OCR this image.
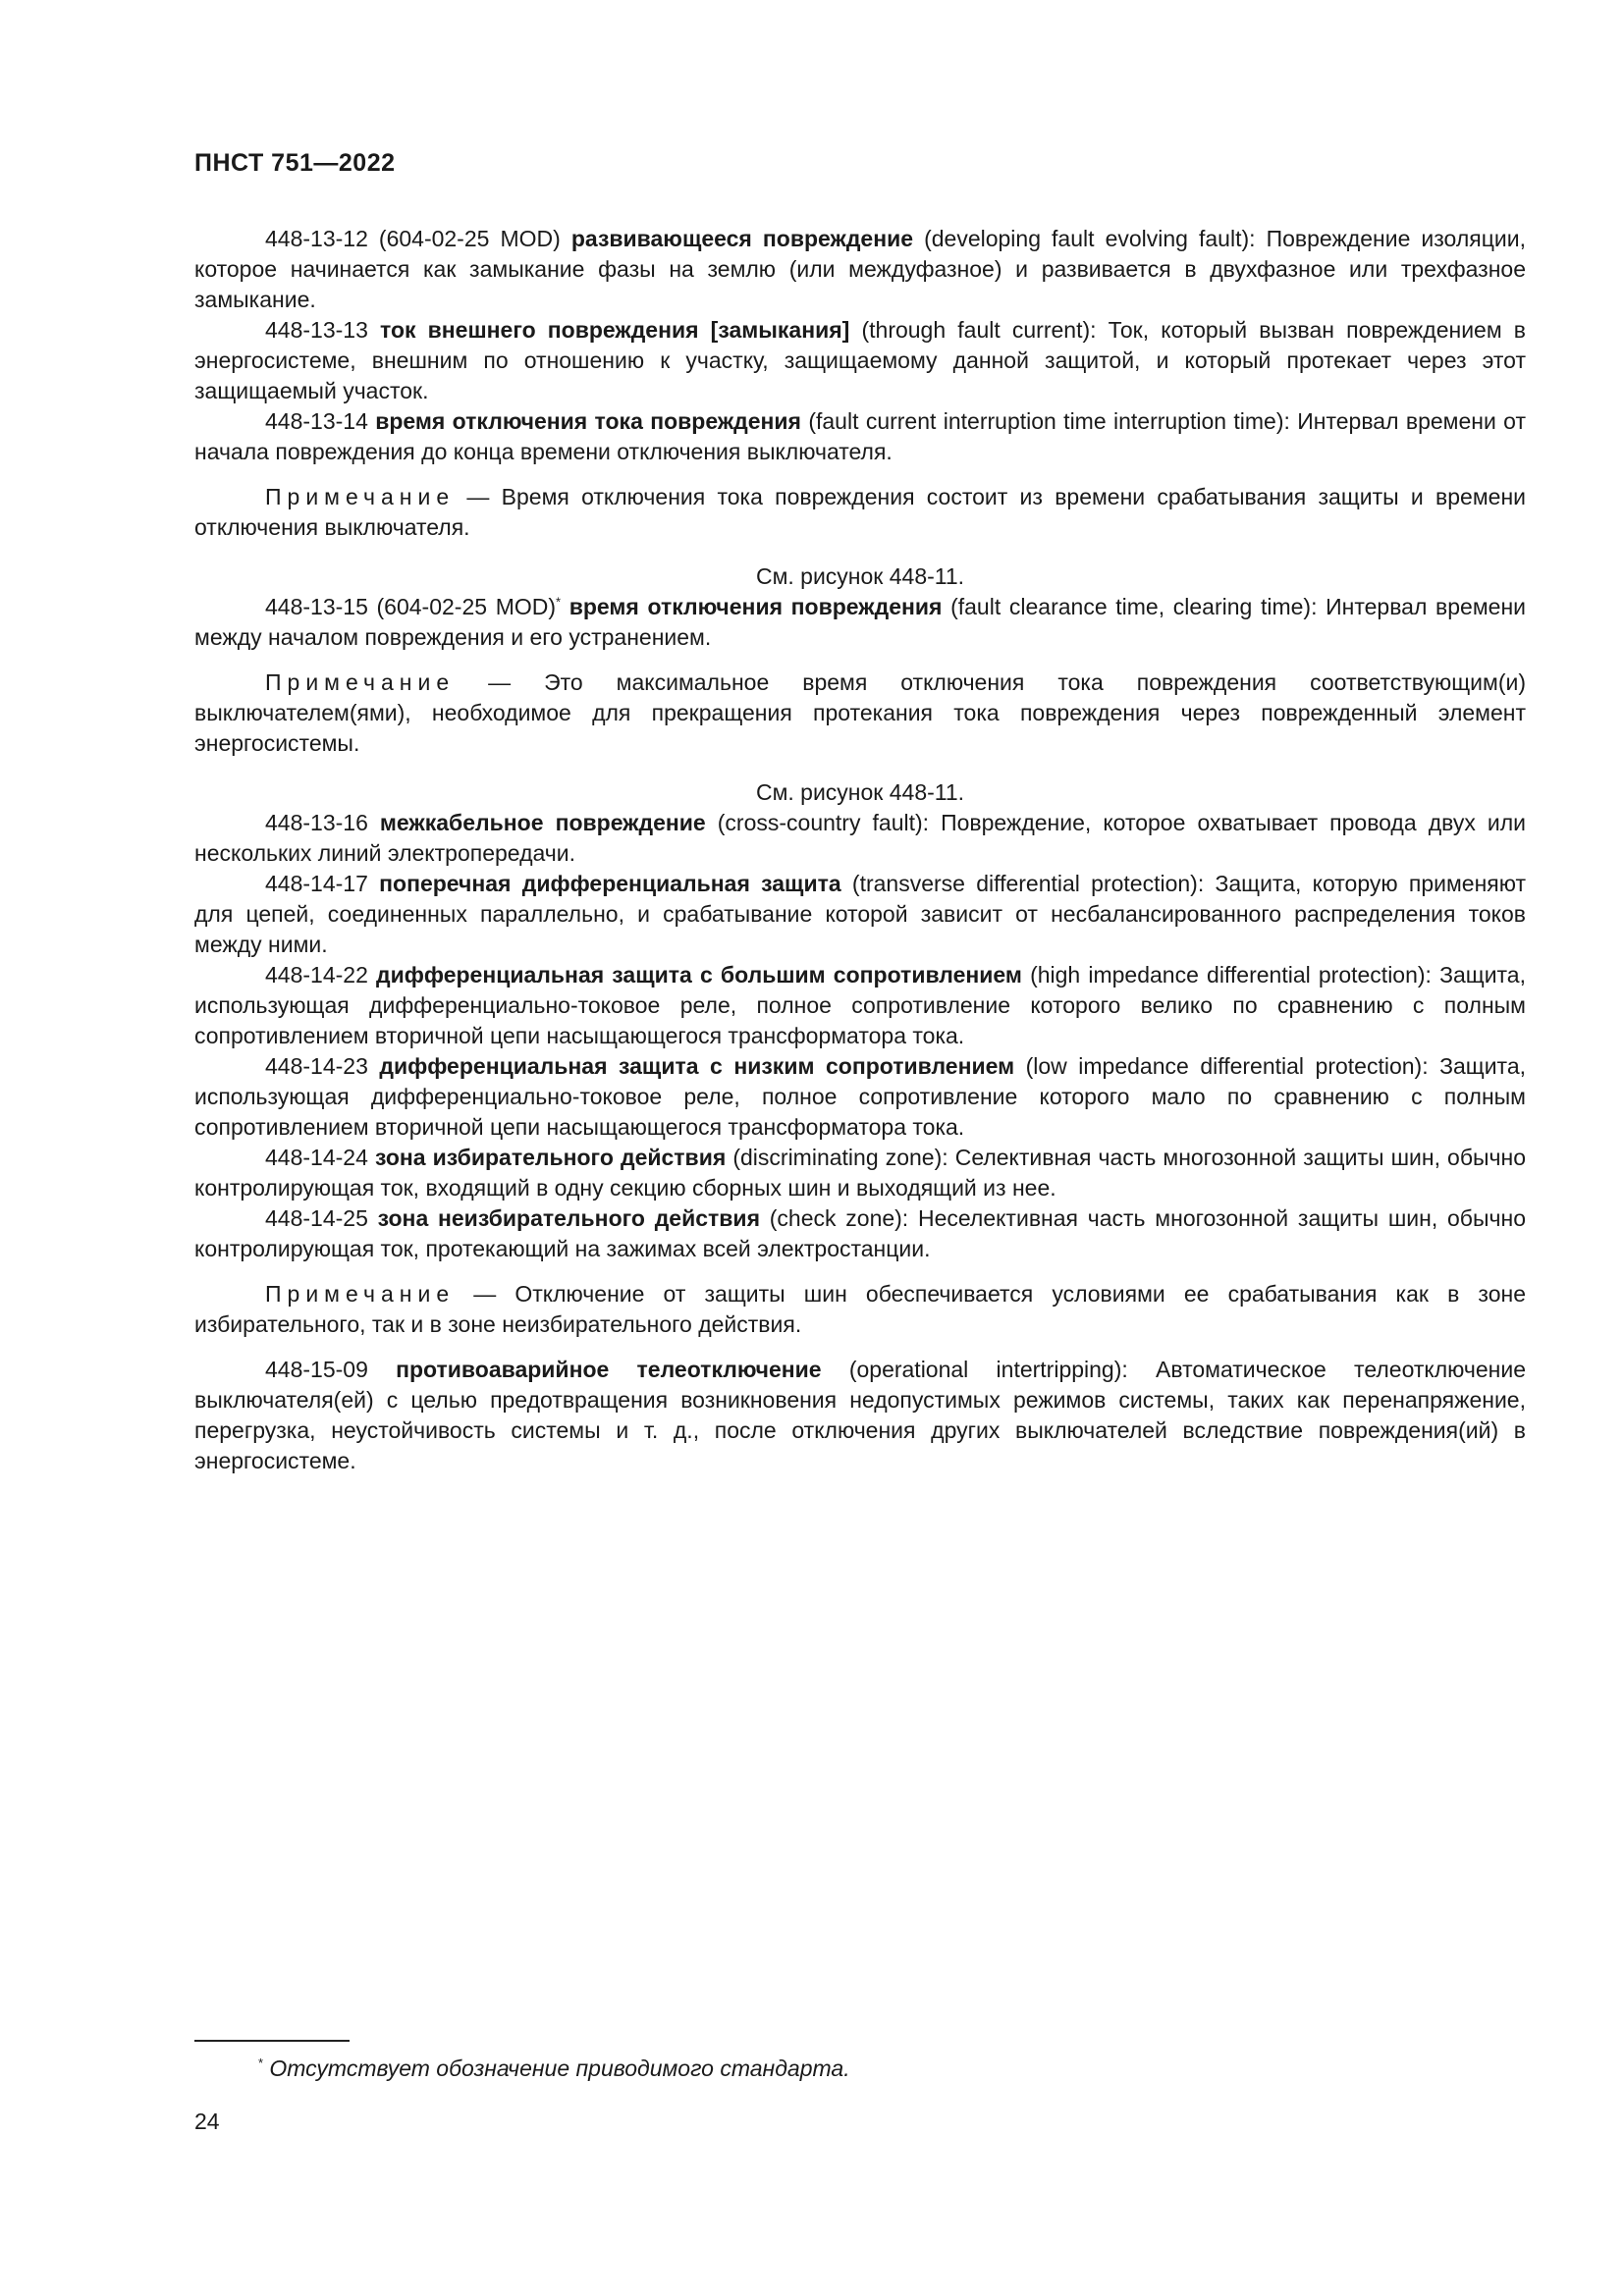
ПНСТ 751—2022

448-13-12 (604-02-25 MOD) развивающееся повреждение (developing fault evolving fault): Повреждение изоляции, которое начинается как замыкание фазы на землю (или междуфазное) и развивается в двухфазное или трехфазное замыкание.

448-13-13 ток внешнего повреждения [замыкания] (through fault current): Ток, который вызван повреждением в энергосистеме, внешним по отношению к участку, защищаемому данной защитой, и который протекает через этот защищаемый участок.

448-13-14 время отключения тока повреждения (fault current interruption time interruption time): Интервал времени от начала повреждения до конца времени отключения выключателя.

Примечание — Время отключения тока повреждения состоит из времени срабатывания защиты и времени отключения выключателя.

См. рисунок 448-11.

448-13-15 (604-02-25 MOD)* время отключения повреждения (fault clearance time, clearing time): Интервал времени между началом повреждения и его устранением.

Примечание — Это максимальное время отключения тока повреждения соответствующим(и) выключателем(ями), необходимое для прекращения протекания тока повреждения через поврежденный элемент энергосистемы.

См. рисунок 448-11.

448-13-16 межкабельное повреждение (cross-country fault): Повреждение, которое охватывает провода двух или нескольких линий электропередачи.

448-14-17 поперечная дифференциальная защита (transverse differential protection): Защита, которую применяют для цепей, соединенных параллельно, и срабатывание которой зависит от несбалансированного распределения токов между ними.

448-14-22 дифференциальная защита с большим сопротивлением (high impedance differential protection): Защита, использующая дифференциально-токовое реле, полное сопротивление которого велико по сравнению с полным сопротивлением вторичной цепи насыщающегося трансформатора тока.

448-14-23 дифференциальная защита с низким сопротивлением (low impedance differential protection): Защита, использующая дифференциально-токовое реле, полное сопротивление которого мало по сравнению с полным сопротивлением вторичной цепи насыщающегося трансформатора тока.

448-14-24 зона избирательного действия (discriminating zone): Селективная часть многозонной защиты шин, обычно контролирующая ток, входящий в одну секцию сборных шин и выходящий из нее.

448-14-25 зона неизбирательного действия (check zone): Неселективная часть многозонной защиты шин, обычно контролирующая ток, протекающий на зажимах всей электростанции.

Примечание — Отключение от защиты шин обеспечивается условиями ее срабатывания как в зоне избирательного, так и в зоне неизбирательного действия.

448-15-09 противоаварийное телеотключение (operational intertripping): Автоматическое телеотключение выключателя(ей) с целью предотвращения возникновения недопустимых режимов системы, таких как перенапряжение, перегрузка, неустойчивость системы и т. д., после отключения других выключателей вследствие повреждения(ий) в энергосистеме.

* Отсутствует обозначение приводимого стандарта.
24
